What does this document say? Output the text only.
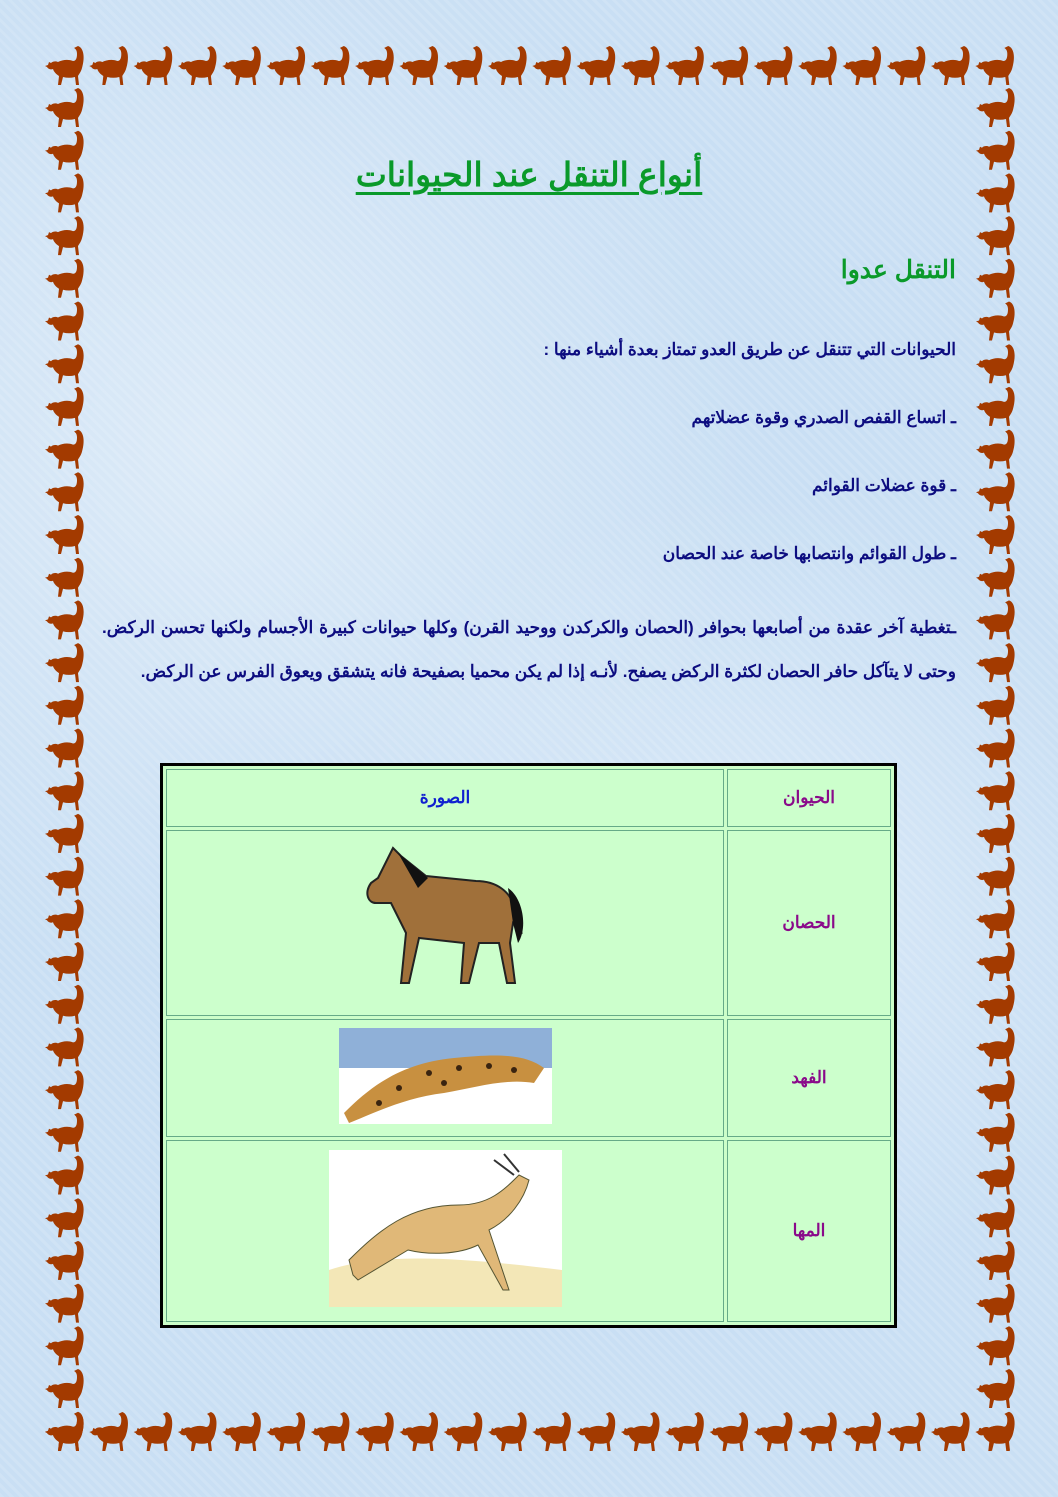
أنواع التنقل عند الحيوانات
التنقل عدوا
الحيوانات التي تتنقل عن طريق العدو تمتاز بعدة أشياء منها :
ـ اتساع القفص الصدري وقوة عضلاتهم
ـ قوة عضلات القوائم
ـ طول القوائم وانتصابها خاصة عند الحصان
ـتغطية آخر عقدة من أصابعها بحوافر (الحصان والكركدن ووحيد القرن) وكلها حيوانات كبيرة الأجسام ولكنها تحسن الركض. وحتى لا يتآكل حافر الحصان لكثرة الركض يصفح. لأنـه إذا لم يكن محميا بصفيحة فانه يتشقق ويعوق الفرس عن الركض.
الحيوان	الصورة
الحصان	
الفهد	
المها	
